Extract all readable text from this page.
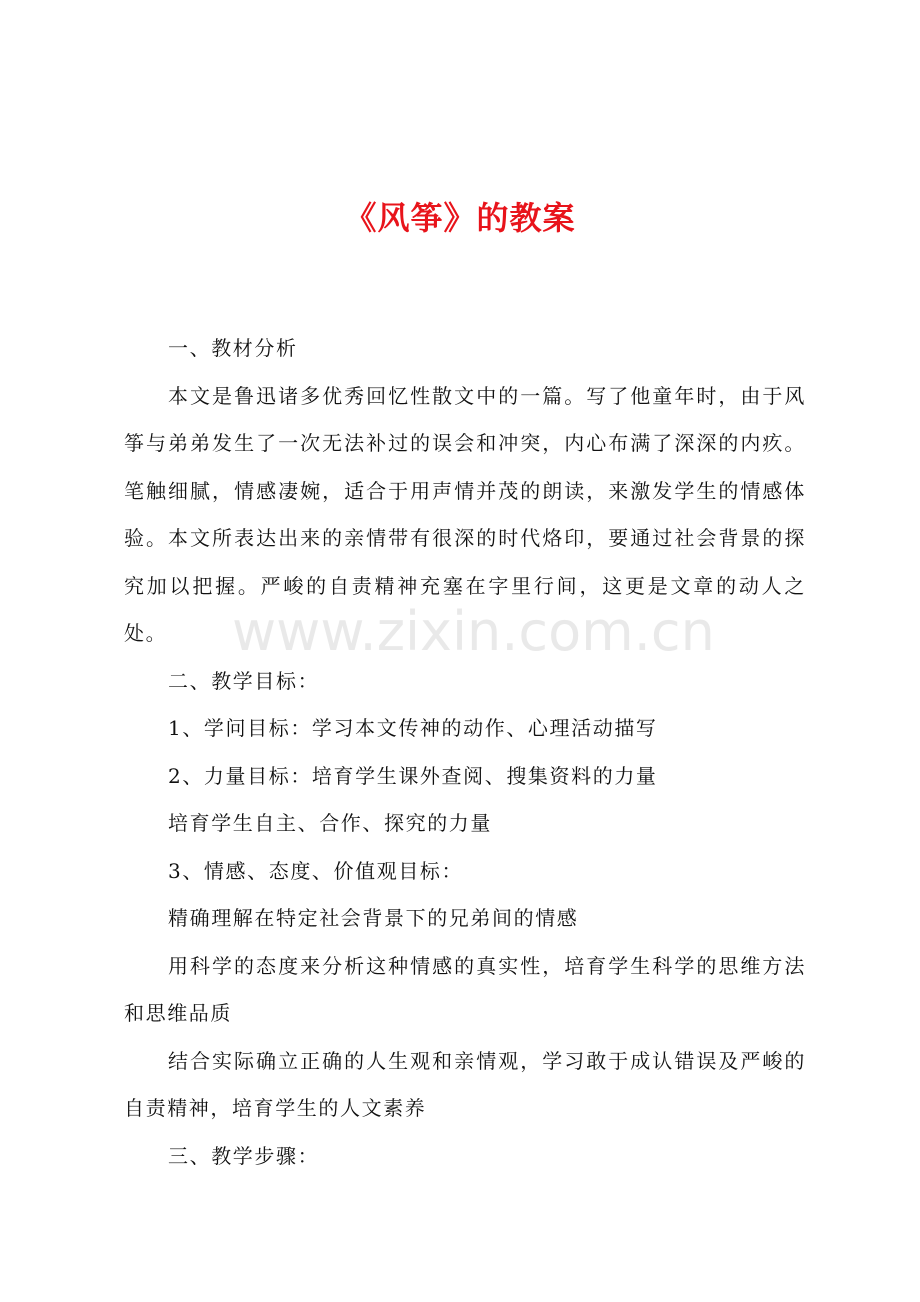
《风筝》的教案

一、教材分析

本文是鲁迅诸多优秀回忆性散文中的一篇。写了他童年时，由于风筝与弟弟发生了一次无法补过的误会和冲突，内心布满了深深的内疚。笔触细腻，情感凄婉，适合于用声情并茂的朗读，来激发学生的情感体验。本文所表达出来的亲情带有很深的时代烙印，要通过社会背景的探究加以把握。严峻的自责精神充塞在字里行间，这更是文章的动人之处。

二、教学目标：

1、学问目标：学习本文传神的动作、心理活动描写

2、力量目标：培育学生课外查阅、搜集资料的力量

培育学生自主、合作、探究的力量

3、情感、态度、价值观目标：

精确理解在特定社会背景下的兄弟间的情感

用科学的态度来分析这种情感的真实性，培育学生科学的思维方法和思维品质

结合实际确立正确的人生观和亲情观，学习敢于成认错误及严峻的自责精神，培育学生的人文素养

三、教学步骤：

www.zixin.com.cn
